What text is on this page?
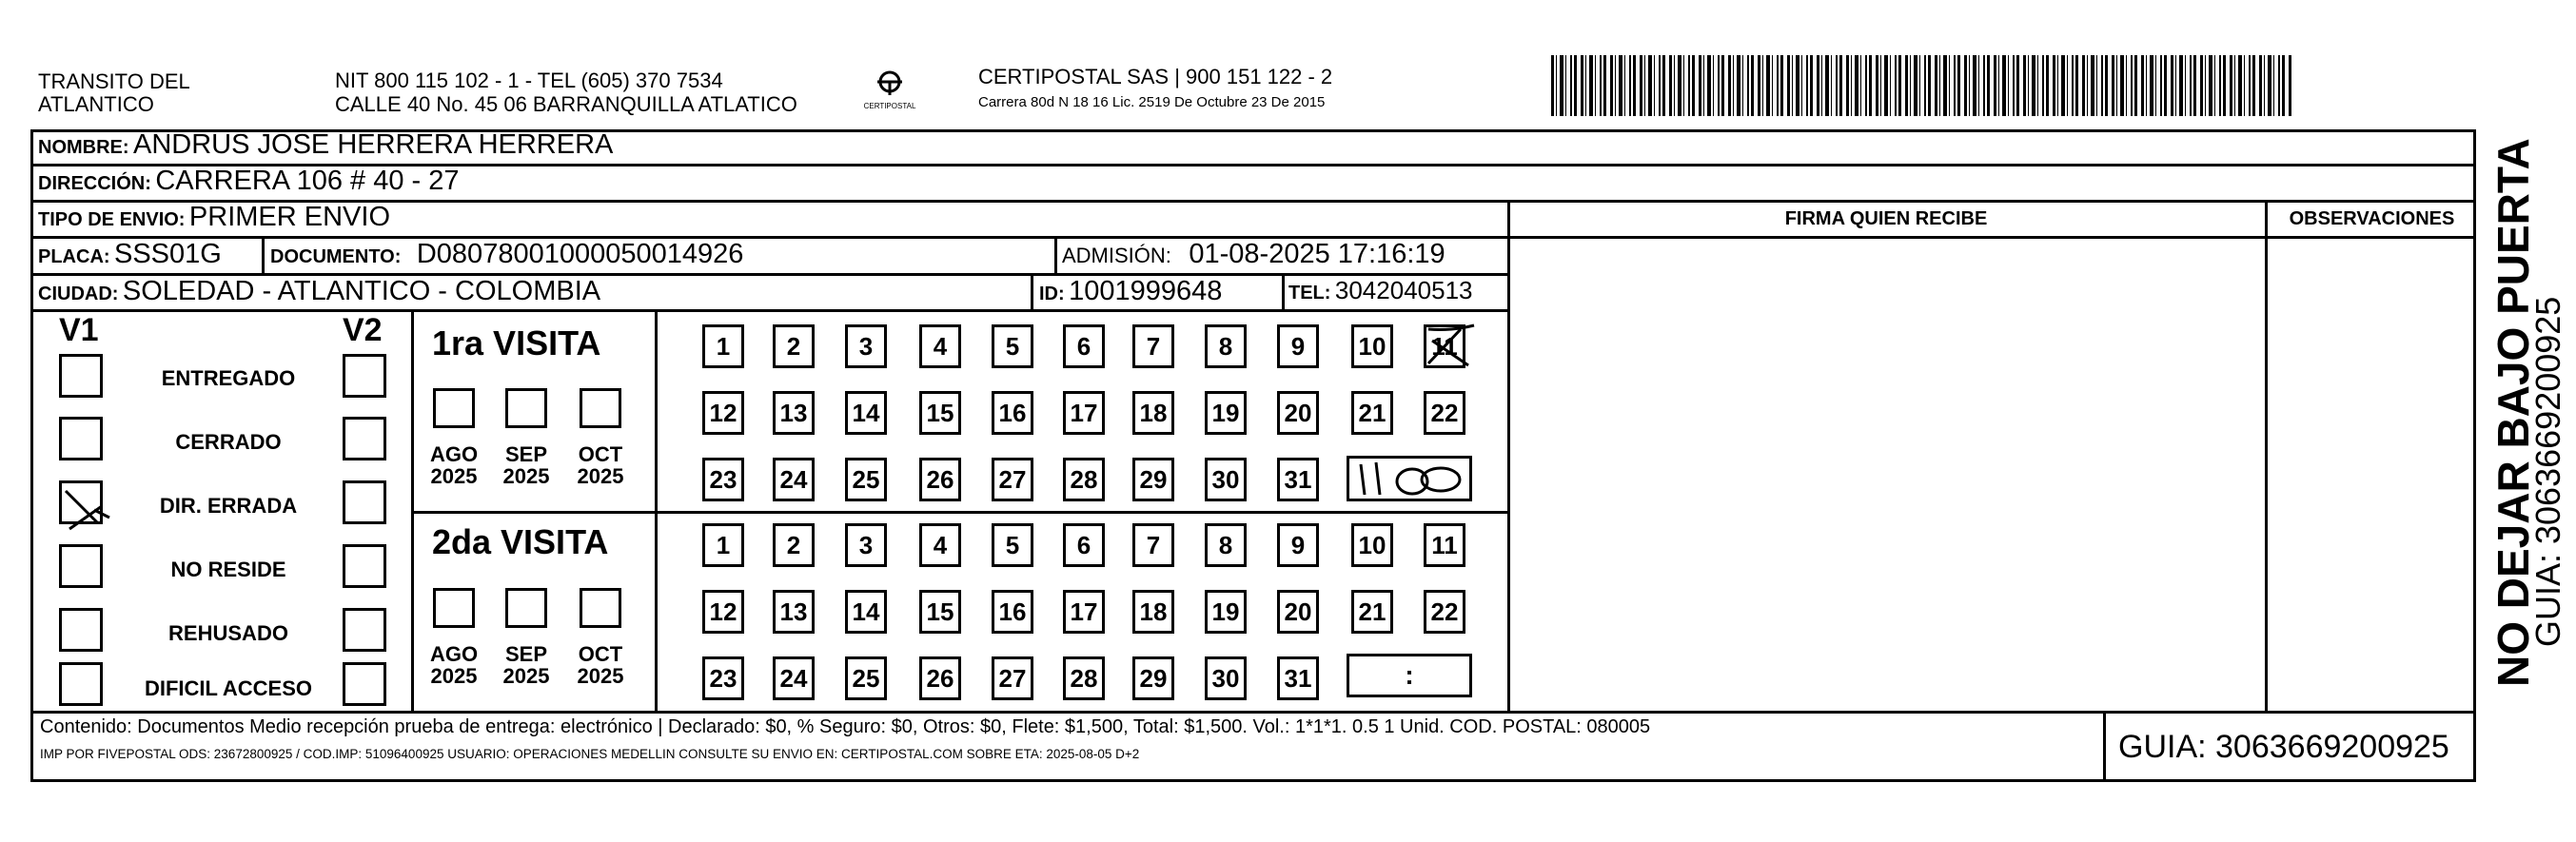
TRANSITO DEL
ATLANTICO
NIT 800 115 102 - 1 - TEL (605) 370 7534
CALLE 40 No. 45 06 BARRANQUILLA ATLATICO	CERTIPOSTAL
CERTIPOSTAL SAS | 900 151 122 - 2
Carrera 80d N 18 16 Lic. 2519 De Octubre 23 De 2015
NOMBRE: ANDRUS JOSE HERRERA HERRERA
DIRECCIÓN: CARRERA 106 # 40 - 27
TIPO DE ENVIO: PRIMER ENVIO	FIRMA QUIEN RECIBE	OBSERVACIONES
PLACA: SSS01G	DOCUMENTO: D08078001000050014926	ADMISIÓN: 01-08-2025 17:16:19
CIUDAD: SOLEDAD - ATLANTICO - COLOMBIA	ID: 1001999648	TEL: 3042040513
V1	V2
ENTREGADO
CERRADO
DIR. ERRADA
NO RESIDE
REHUSADO
DIFICIL ACCESO
1ra VISITA
AGO
2025
SEP
2025
OCT
2025
2da VISITA
AGO
2025
SEP
2025
OCT
2025
1	2	3	4	5	6	7	8	9	10	11
12 13 14 15 16 17 18 19 20 21 22
23 24 25 26 27 28 29 30 31
1	2	3	4	5	6	7	8	9	10	11
12 13 14 15 16 17 18 19 20 21 22
23 24 25 26 27 28 29 30 31	:
Contenido: Documentos Medio recepción prueba de entrega: electrónico | Declarado: $0, % Seguro: $0, Otros: $0, Flete: $1,500, Total: $1,500. Vol.: 1*1*1. 0.5 1 Unid. COD. POSTAL: 080005
IMP POR FIVEPOSTAL ODS: 23672800925 / COD.IMP: 51096400925 USUARIO: OPERACIONES MEDELLIN CONSULTE SU ENVIO EN: CERTIPOSTAL.COM SOBRE ETA: 2025-08-05 D+2	GUIA: 3063669200925
NO DEJAR BAJO PUERTA
GUIA: 3063669200925
